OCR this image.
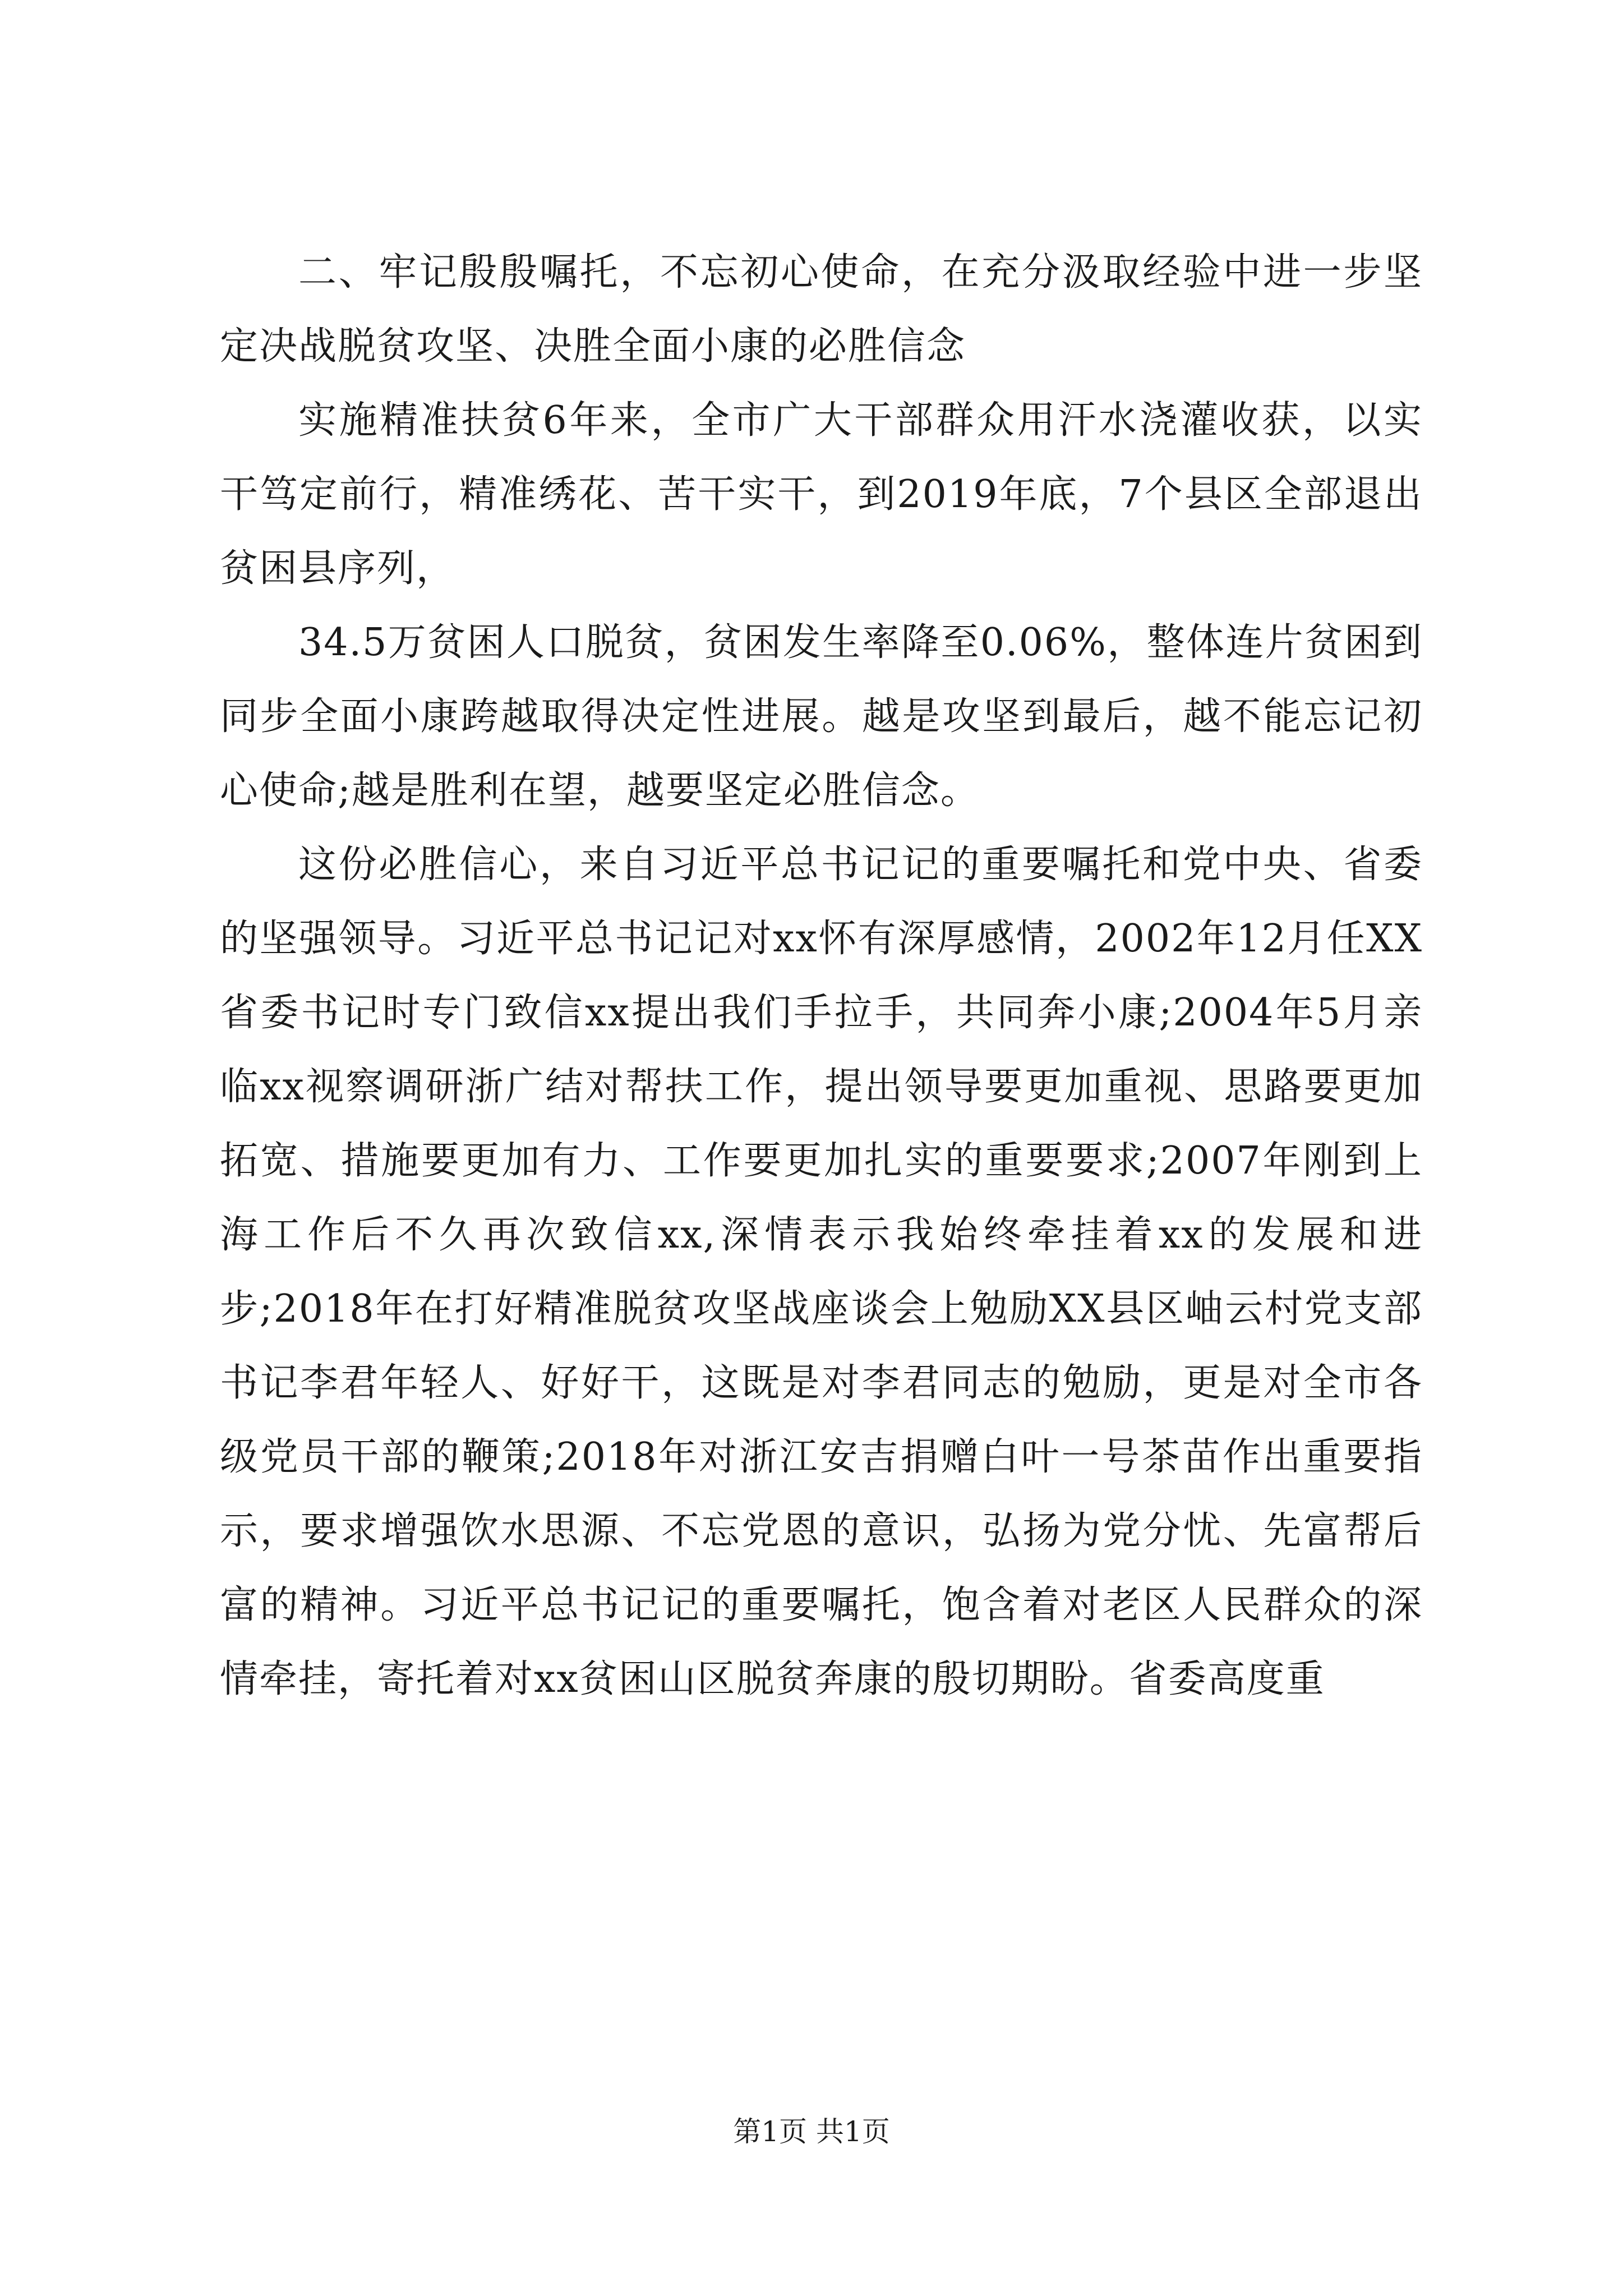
二、牢记殷殷嘱托，不忘初心使命，在充分汲取经验中进一步坚定决战脱贫攻坚、决胜全面小康的必胜信念

实施精准扶贫6年来，全市广大干部群众用汗水浇灌收获，以实干笃定前行，精准绣花、苦干实干，到2019年底，7个县区全部退出贫困县序列，

34.5万贫困人口脱贫，贫困发生率降至0.06%，整体连片贫困到同步全面小康跨越取得决定性进展。越是攻坚到最后，越不能忘记初心使命;越是胜利在望，越要坚定必胜信念。

这份必胜信心，来自习近平总书记记的重要嘱托和党中央、省委的坚强领导。习近平总书记记对xx怀有深厚感情，2002年12月任XX省委书记时专门致信xx提出我们手拉手，共同奔小康;2004年5月亲临xx视察调研浙广结对帮扶工作，提出领导要更加重视、思路要更加拓宽、措施要更加有力、工作要更加扎实的重要要求;2007年刚到上海工作后不久再次致信xx,深情表示我始终牵挂着xx的发展和进步;2018年在打好精准脱贫攻坚战座谈会上勉励XX县区岫云村党支部书记李君年轻人、好好干，这既是对李君同志的勉励，更是对全市各级党员干部的鞭策;2018年对浙江安吉捐赠白叶一号茶苗作出重要指示，要求增强饮水思源、不忘党恩的意识，弘扬为党分忧、先富帮后富的精神。习近平总书记记的重要嘱托，饱含着对老区人民群众的深情牵挂，寄托着对xx贫困山区脱贫奔康的殷切期盼。省委高度重

第1页 共1页
